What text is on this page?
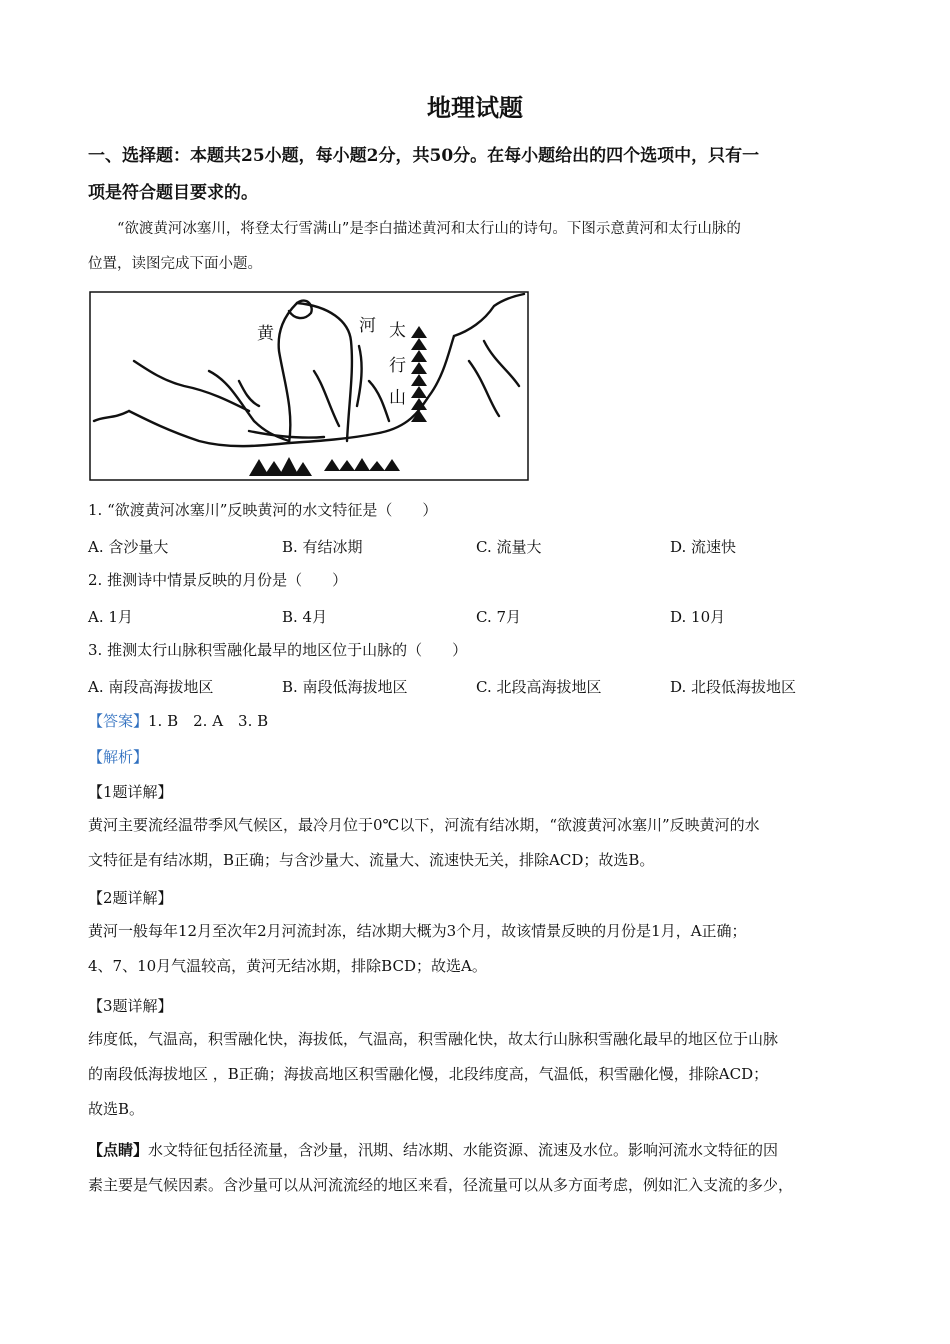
地理试题
一、选择题：本题共25小题，每小题2分，共50分。在每小题给出的四个选项中，只有一
项是符合题目要求的。
“欲渡黄河冰塞川，将登太行雪满山”是李白描述黄河和太行山的诗句。下图示意黄河和太行山脉的
位置，读图完成下面小题。
黄	河 太
行
山
1. “欲渡黄河冰塞川”反映黄河的水文特征是（　　）
A. 含沙量大	B. 有结冰期	C. 流量大	D. 流速快
2. 推测诗中情景反映的月份是（　　）
A. 1月	B. 4月	C. 7月	D. 10月
3. 推测太行山脉积雪融化最早的地区位于山脉的（　　）
A. 南段高海拔地区	B. 南段低海拔地区	C. 北段高海拔地区	D. 北段低海拔地区
【答案】1. B　2. A　3. B
【解析】
【1题详解】
黄河主要流经温带季风气候区，最冷月位于0℃以下，河流有结冰期，“欲渡黄河冰塞川”反映黄河的水
文特征是有结冰期，B正确；与含沙量大、流量大、流速快无关，排除ACD；故选B。
【2题详解】
黄河一般每年12月至次年2月河流封冻，结冰期大概为3个月，故该情景反映的月份是1月，A正确；
4、7、10月气温较高，黄河无结冰期，排除BCD；故选A。
【3题详解】
纬度低，气温高，积雪融化快，海拔低，气温高，积雪融化快，故太行山脉积雪融化最早的地区位于山脉
的南段低海拔地区 ，B正确；海拔高地区积雪融化慢，北段纬度高，气温低，积雪融化慢，排除ACD；
故选B。
【点睛】水文特征包括径流量，含沙量，汛期、结冰期、水能资源、流速及水位。影响河流水文特征的因
素主要是气候因素。含沙量可以从河流流经的地区来看，径流量可以从多方面考虑，例如汇入支流的多少，
